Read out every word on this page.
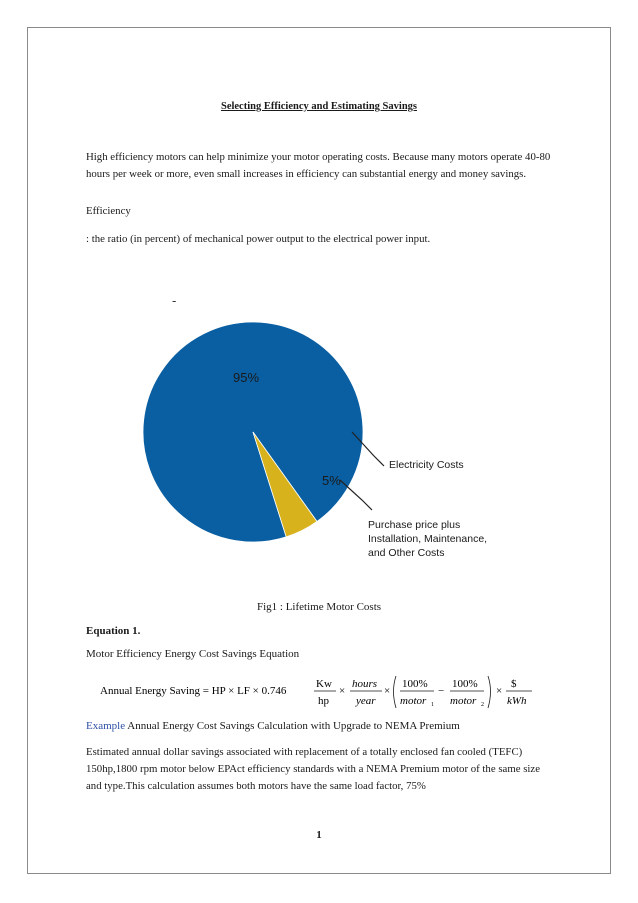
Selecting Efficiency and Estimating Savings
High efficiency motors can help minimize your motor operating costs. Because many motors operate 40-80 hours per week or more, even small increases in efficiency can substantial energy and money savings.
Efficiency
: the ratio (in percent) of mechanical power output to the electrical power input.
-
95%
5%
Electricity Costs
Purchase price plus
Installation, Maintenance,
and Other Costs
Fig1 : Lifetime Motor Costs
Equation 1.
Motor Efficiency Energy Cost Savings Equation
Annual Energy Saving = HP × LF × 0.746
Kw
hp
×
hours
year
×
100%
motor 1
−
100%
motor 2
×
$
kWh
Example Annual Energy Cost Savings Calculation with Upgrade to NEMA Premium
Estimated annual dollar savings associated with replacement of a totally enclosed fan cooled (TEFC) 150hp,1800 rpm motor below EPAct efficiency standards with a NEMA Premium motor of the same size and type.This calculation assumes both motors have the same load factor, 75%
1
